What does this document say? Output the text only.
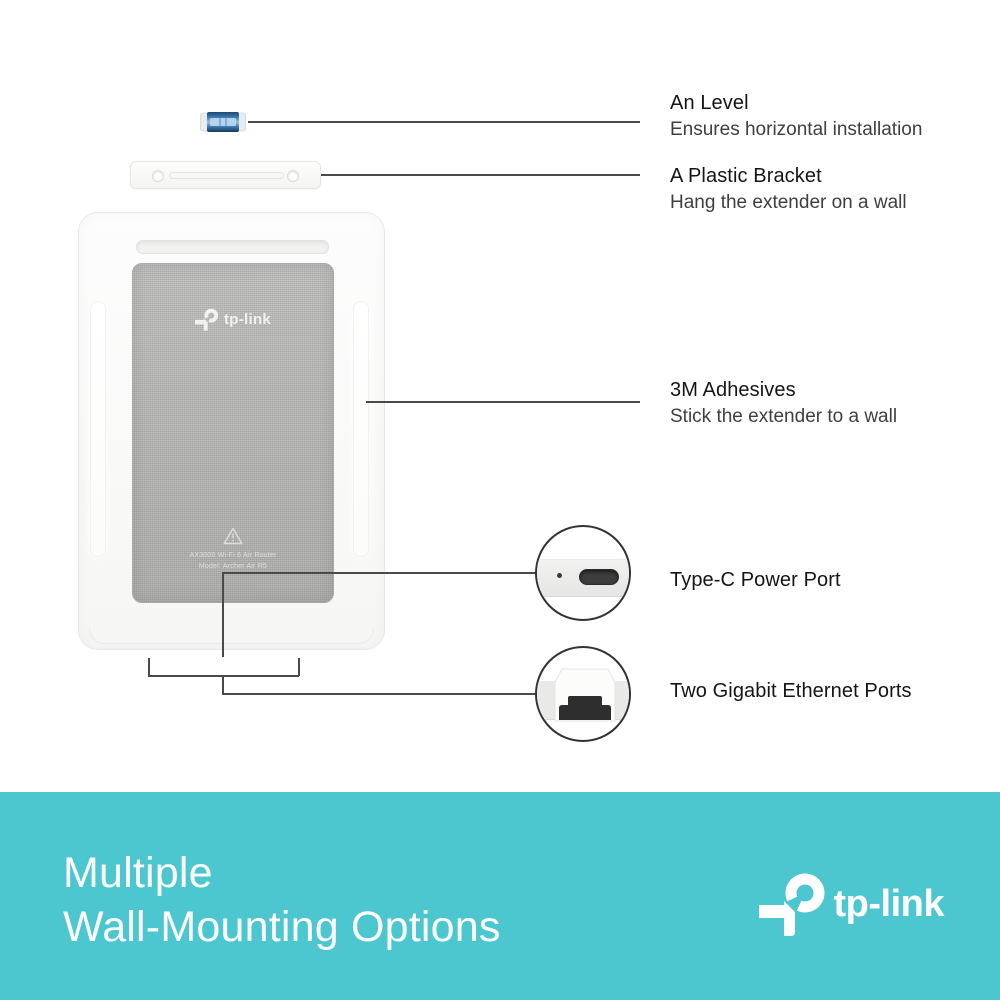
tp-link
AX3000 Wi-Fi 6 Air Router
Model: Archer Air R5
An Level
Ensures horizontal installation
A Plastic Bracket
Hang the extender on a wall
3M Adhesives
Stick the extender to a wall
Type-C Power Port
Two Gigabit Ethernet Ports
Multiple
Wall-Mounting Options	tp-link
